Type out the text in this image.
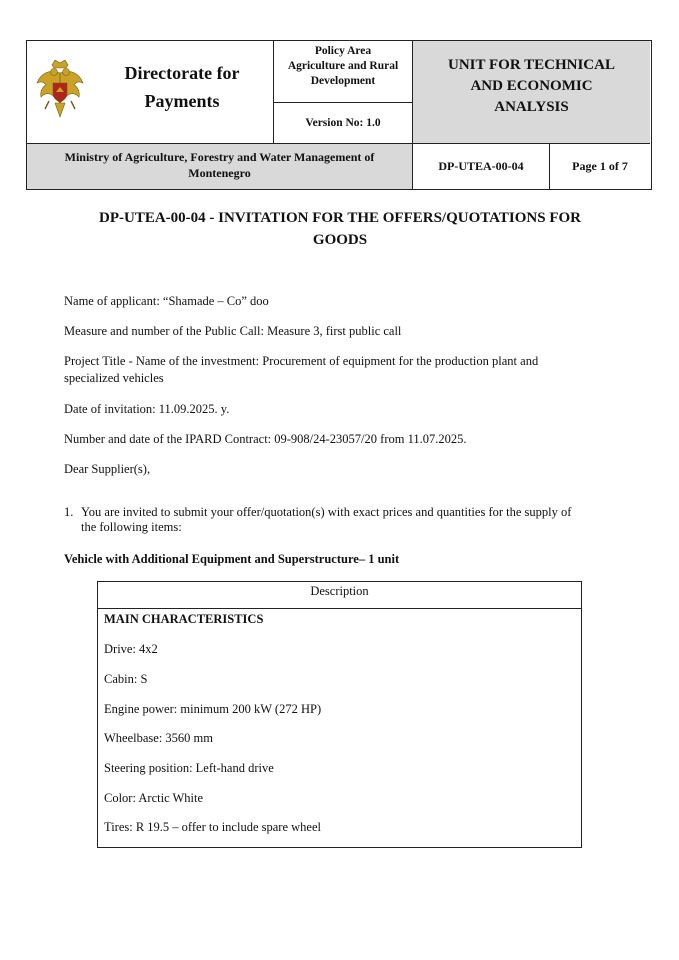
Directorate for Payments
Policy Area
Agriculture and Rural
Development
Version No: 1.0
UNIT FOR TECHNICAL
AND ECONOMIC
ANALYSIS
Ministry of Agriculture, Forestry and Water Management of
Montenegro	DP-UTEA-00-04	Page 1 of 7
DP-UTEA-00-04 - INVITATION FOR THE OFFERS/QUOTATIONS FOR
GOODS
Name of applicant: “Shamade – Co” doo
Measure and number of the Public Call: Measure 3, first public call
Project Title - Name of the investment: Procurement of equipment for the production plant and
specialized vehicles
Date of invitation: 11.09.2025. y.
Number and date of the IPARD Contract: 09-908/24-23057/20 from 11.07.2025.
Dear Supplier(s),
1. You are invited to submit your offer/quotation(s) with exact prices and quantities for the supply of
the following items:
Vehicle with Additional Equipment and Superstructure– 1 unit
Description
MAIN CHARACTERISTICS
Drive: 4x2
Cabin: S
Engine power: minimum 200 kW (272 HP)
Wheelbase: 3560 mm
Steering position: Left-hand drive
Color: Arctic White
Tires: R 19.5 – offer to include spare wheel
